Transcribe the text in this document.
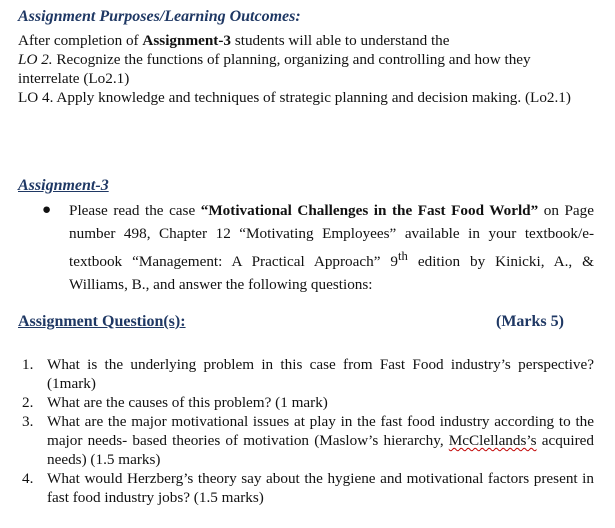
Assignment Purposes/Learning Outcomes:

After completion of Assignment-3 students will able to understand the

LO 2. Recognize the functions of planning, organizing and controlling and how they interrelate (Lo2.1)

LO 4. Apply knowledge and techniques of strategic planning and decision making. (Lo2.1)

Assignment-3
●	Please read the case “Motivational Challenges in the Fast Food World” on Page number 498, Chapter 12 “Motivating Employees” available in your textbook/e-textbook “Management: A Practical Approach” 9th edition by Kinicki, A., & Williams, B., and answer the following questions:
Assignment Question(s):	(Marks 5)
1. What is the underlying problem in this case from Fast Food industry’s perspective? (1mark)
2. What are the causes of this problem? (1 mark)
3. What are the major motivational issues at play in the fast food industry according to the major needs- based theories of motivation (Maslow’s hierarchy, McClellands’s acquired needs) (1.5 marks)
4. What would Herzberg’s theory say about the hygiene and motivational factors present in fast food industry jobs? (1.5 marks)
